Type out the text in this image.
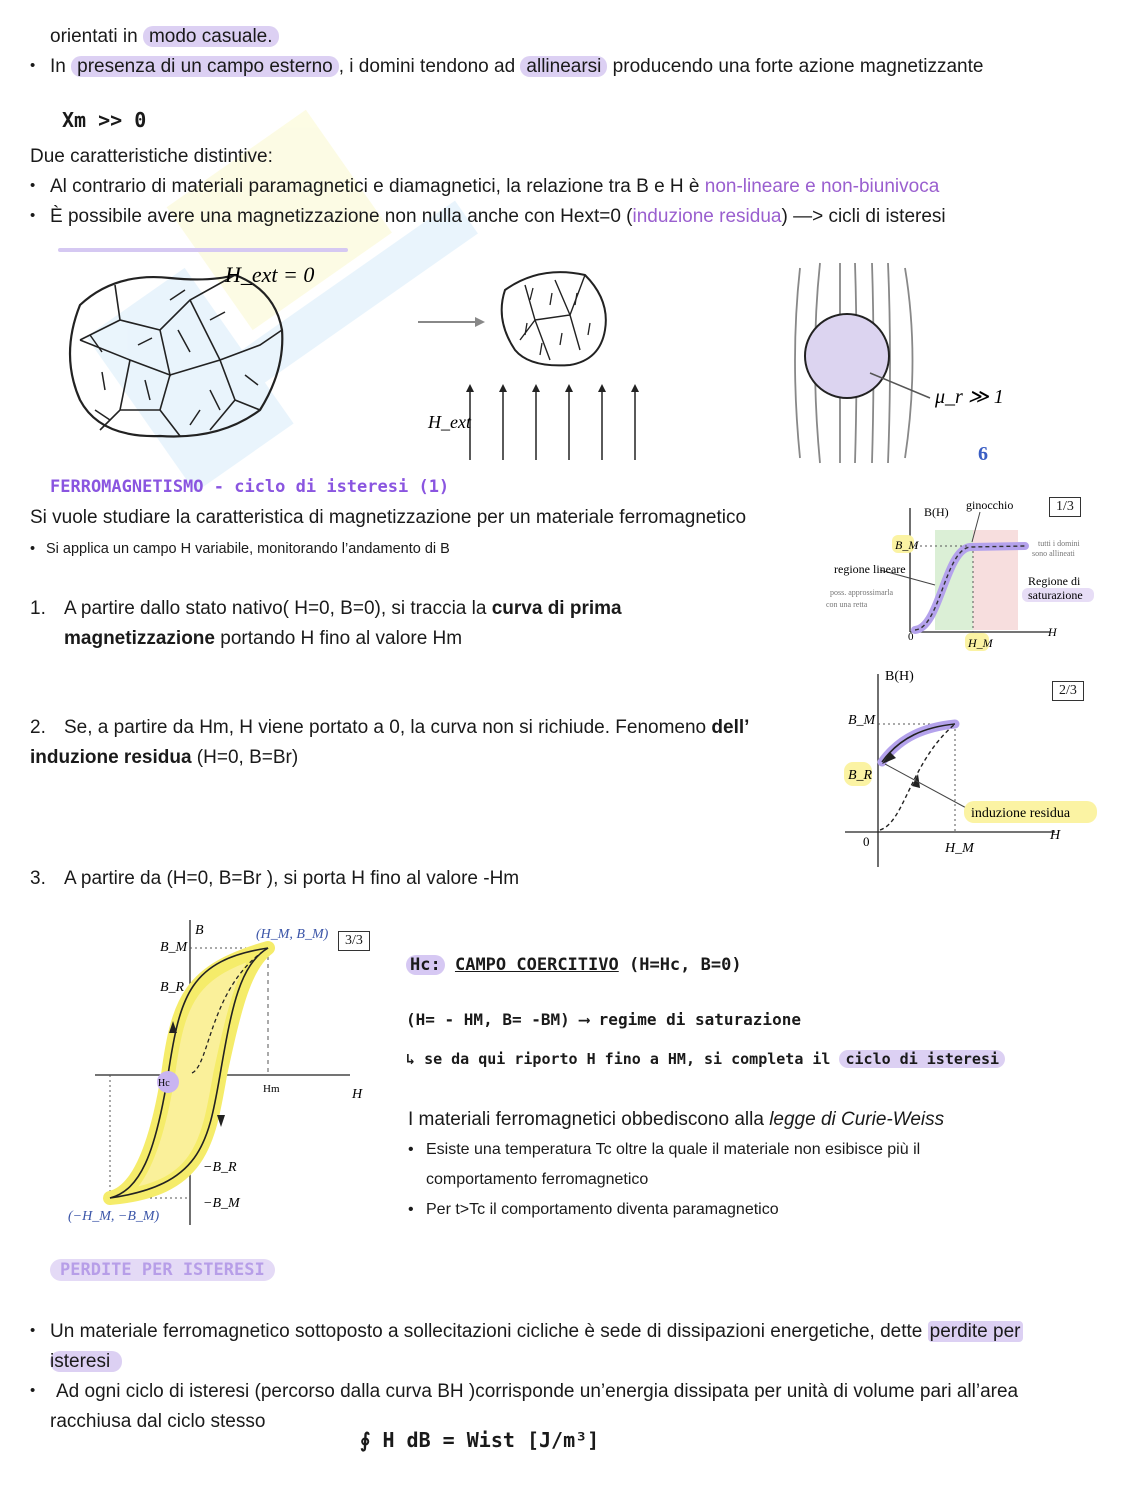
orientati in modo casuale.
• In presenza di un campo esterno , i domini tendono ad allinearsi producendo una forte azione magnetizzante
Xm >> 0
Due caratteristiche distintive:
• Al contrario di materiali paramagnetici e diamagnetici, la relazione tra B e H è non-lineare e non-biunivoca
• È possibile avere una magnetizzazione non nulla anche con Hext=0 (induzione residua) —> cicli di isteresi
H_ext = 0
H_ext
μ_r ≫ 1
6
FERROMAGNETISMO - ciclo di isteresi (1)
Si vuole studiare la caratteristica di magnetizzazione per un materiale ferromagnetico
• Si applica un campo H variabile, monitorando l’andamento di B
1. A partire dallo stato nativo( H=0, B=0), si traccia la curva di prima
magnetizzazione portando H fino al valore Hm
2. Se, a partire da Hm, H viene portato a 0, la curva non si richiude. Fenomeno dell’
induzione residua (H=0, B=Br)
3. A partire da (H=0, B=Br ), si porta H fino al valore -Hm
B(H) ginocchio
B_M
0	H_M
H
regione lineare
poss. approssimarla
con una retta
tutti i domini
sono allineati
Regione di
saturazione
1/3
B(H)
B_M
B_R
0	H_M
H
induzione residua
2/3
Hc
B
B_M
B_R
−B_R
−B_M
(H_M, B_M)
(−H_M, −B_M)
Hm	H
3/3
Hc: CAMPO COERCITIVO (H=Hc, B=0)
(H= - HM, B= -BM) ⟶ regime di saturazione
↳ se da qui riporto H fino a HM, si completa il ciclo di isteresi
I materiali ferromagnetici obbediscono alla legge di Curie-Weiss
• Esiste una temperatura Tc oltre la quale il materiale non esibisce più il
comportamento ferromagnetico
• Per t>Tc il comportamento diventa paramagnetico
PERDITE PER ISTERESI
• Un materiale ferromagnetico sottoposto a sollecitazioni cicliche è sede di dissipazioni energetiche, dette perdite per
isteresi
• Ad ogni ciclo di isteresi (percorso dalla curva BH )corrisponde un’energia dissipata per unità di volume pari all’area
racchiusa dal ciclo stesso
∮ H dB = Wist [J/m³]
